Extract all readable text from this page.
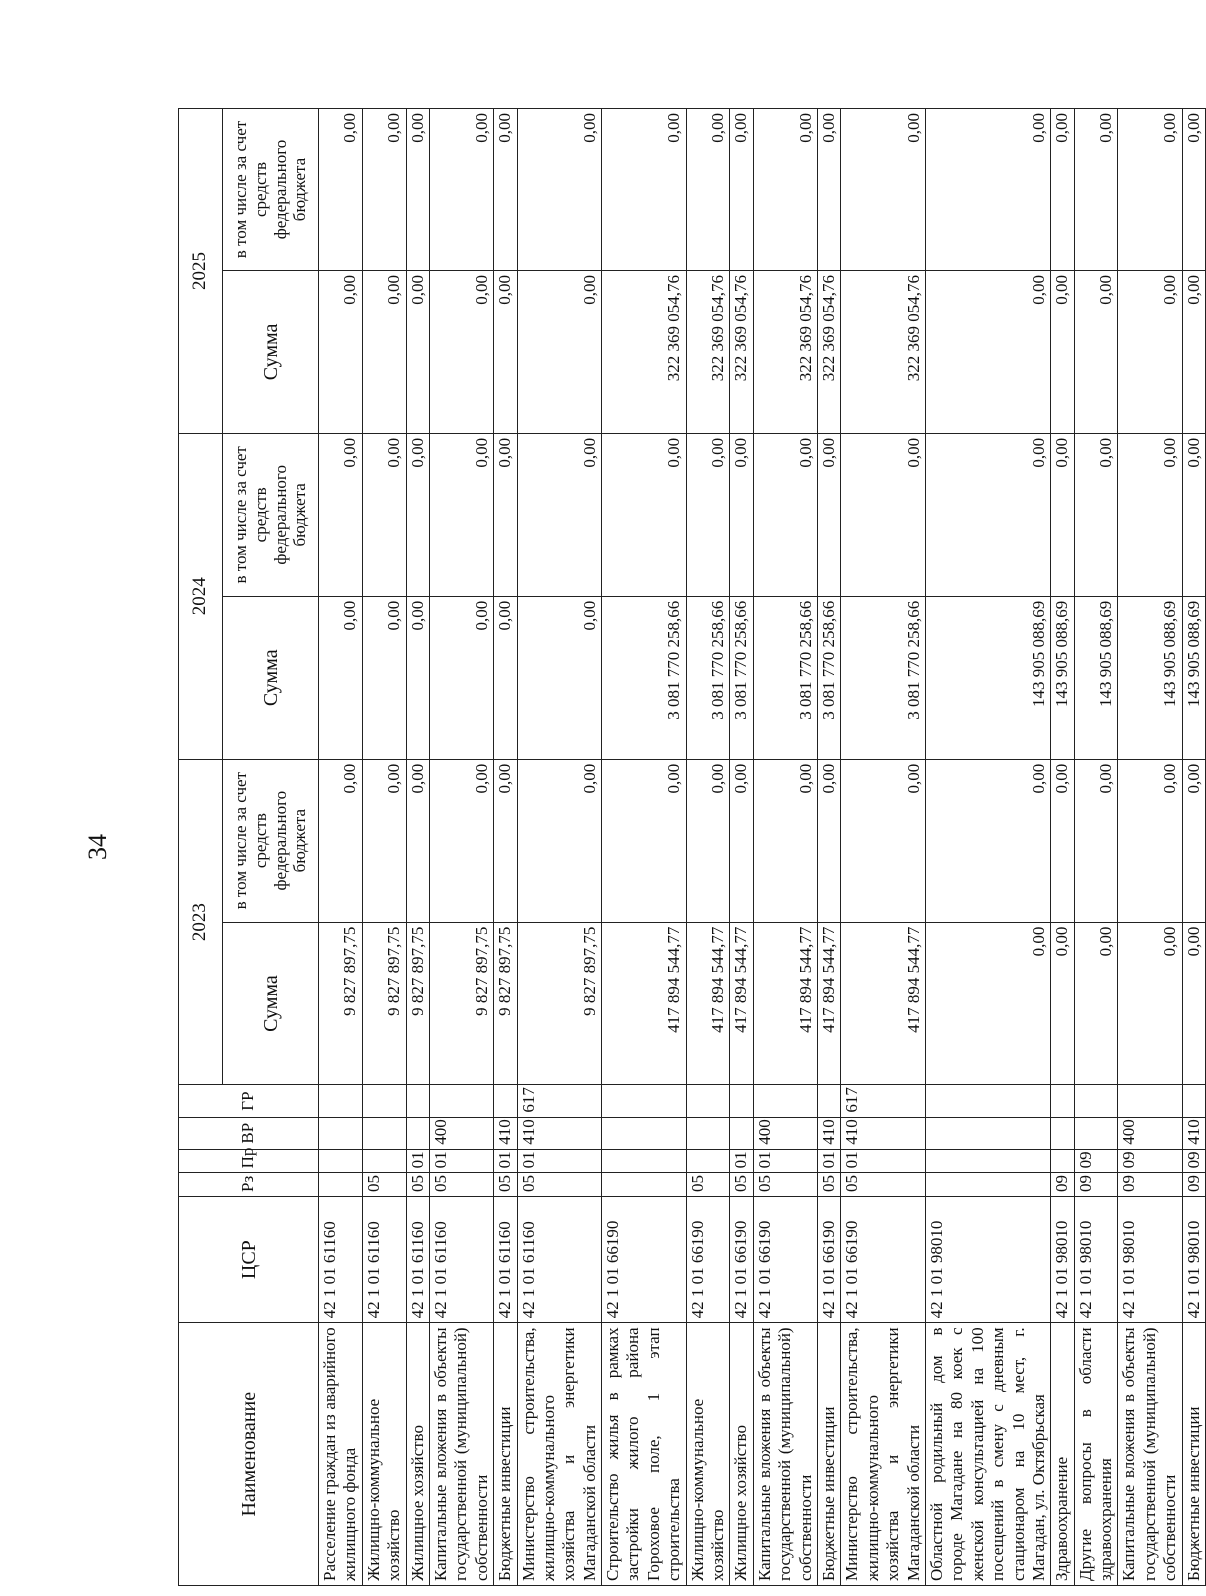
34
Наименование	ЦСР	Рз	Пр	ВР	ГР	2023		2024		2025	
						Сумма	в том числе за счет средств федерального бюджета	Сумма	в том числе за счет средств федерального бюджета	Сумма	в том числе за счет средств федерального бюджета
Расселение граждан из аварийного жилищного фонда	42 1 01 61160					9 827 897,75	0,00	0,00	0,00	0,00	0,00
Жилищно-коммунальное хозяйство	42 1 01 61160	05				9 827 897,75	0,00	0,00	0,00	0,00	0,00
Жилищное хозяйство	42 1 01 61160	05	01			9 827 897,75	0,00	0,00	0,00	0,00	0,00
Капитальные вложения в объекты государственной (муниципальной) собственности	42 1 01 61160	05	01	400		9 827 897,75	0,00	0,00	0,00	0,00	0,00
Бюджетные инвестиции	42 1 01 61160	05	01	410		9 827 897,75	0,00	0,00	0,00	0,00	0,00
Министерство строительства, жилищно-коммунального хозяйства и энергетики Магаданской области	42 1 01 61160	05	01	410	617	9 827 897,75	0,00	0,00	0,00	0,00	0,00
Строительство жилья в рамках застройки жилого района Гороховое поле, 1 этап строительства	42 1 01 66190					417 894 544,77	0,00	3 081 770 258,66	0,00	322 369 054,76	0,00
Жилищно-коммунальное хозяйство	42 1 01 66190	05				417 894 544,77	0,00	3 081 770 258,66	0,00	322 369 054,76	0,00
Жилищное хозяйство	42 1 01 66190	05	01			417 894 544,77	0,00	3 081 770 258,66	0,00	322 369 054,76	0,00
Капитальные вложения в объекты государственной (муниципальной) собственности	42 1 01 66190	05	01	400		417 894 544,77	0,00	3 081 770 258,66	0,00	322 369 054,76	0,00
Бюджетные инвестиции	42 1 01 66190	05	01	410		417 894 544,77	0,00	3 081 770 258,66	0,00	322 369 054,76	0,00
Министерство строительства, жилищно-коммунального хозяйства и энергетики Магаданской области	42 1 01 66190	05	01	410	617	417 894 544,77	0,00	3 081 770 258,66	0,00	322 369 054,76	0,00
Областной родильный дом в городе Магадане на 80 коек с женской консультацией на 100 посещений в смену с дневным стационаром на 10 мест, г. Магадан, ул. Октябрьская	42 1 01 98010					0,00	0,00	143 905 088,69	0,00	0,00	0,00
Здравоохранение	42 1 01 98010	09				0,00	0,00	143 905 088,69	0,00	0,00	0,00
Другие вопросы в области здравоохранения	42 1 01 98010	09	09			0,00	0,00	143 905 088,69	0,00	0,00	0,00
Капитальные вложения в объекты государственной (муниципальной) собственности	42 1 01 98010	09	09	400		0,00	0,00	143 905 088,69	0,00	0,00	0,00
Бюджетные инвестиции	42 1 01 98010	09	09	410		0,00	0,00	143 905 088,69	0,00	0,00	0,00
